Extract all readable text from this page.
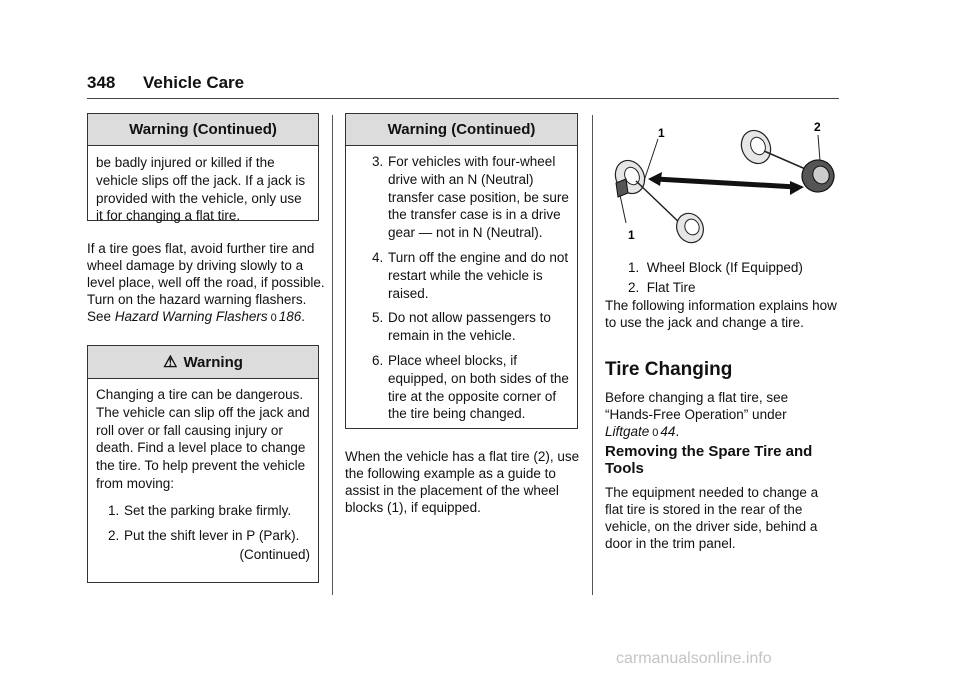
348 Vehicle Care
Warning (Continued)

be badly injured or killed if the vehicle slips off the jack. If a jack is provided with the vehicle, only use it for changing a flat tire.

If a tire goes flat, avoid further tire and wheel damage by driving slowly to a level place, well off the road, if possible. Turn on the hazard warning flashers. See Hazard Warning Flashers 0 186.
⚠ Warning

Changing a tire can be dangerous. The vehicle can slip off the jack and roll over or fall causing injury or death. Find a level place to change the tire. To help prevent the vehicle from moving:

1. Set the parking brake firmly.
2. Put the shift lever in P (Park).
(Continued)
Warning (Continued)
3. For vehicles with four-wheel drive with an N (Neutral) transfer case position, be sure the transfer case is in a drive gear — not in N (Neutral).
4. Turn off the engine and do not restart while the vehicle is raised.
5. Do not allow passengers to remain in the vehicle.
6. Place wheel blocks, if equipped, on both sides of the tire at the opposite corner of the tire being changed.
When the vehicle has a flat tire (2), use the following example as a guide to assist in the placement of the wheel blocks (1), if equipped.
1
1
2
1. Wheel Block (If Equipped)
2. Flat Tire
The following information explains how to use the jack and change a tire.
Tire Changing
Before changing a flat tire, see “Hands-Free Operation” under Liftgate 0 44.
Removing the Spare Tire and Tools
The equipment needed to change a flat tire is stored in the rear of the vehicle, on the driver side, behind a door in the trim panel.
carmanualsonline.info
